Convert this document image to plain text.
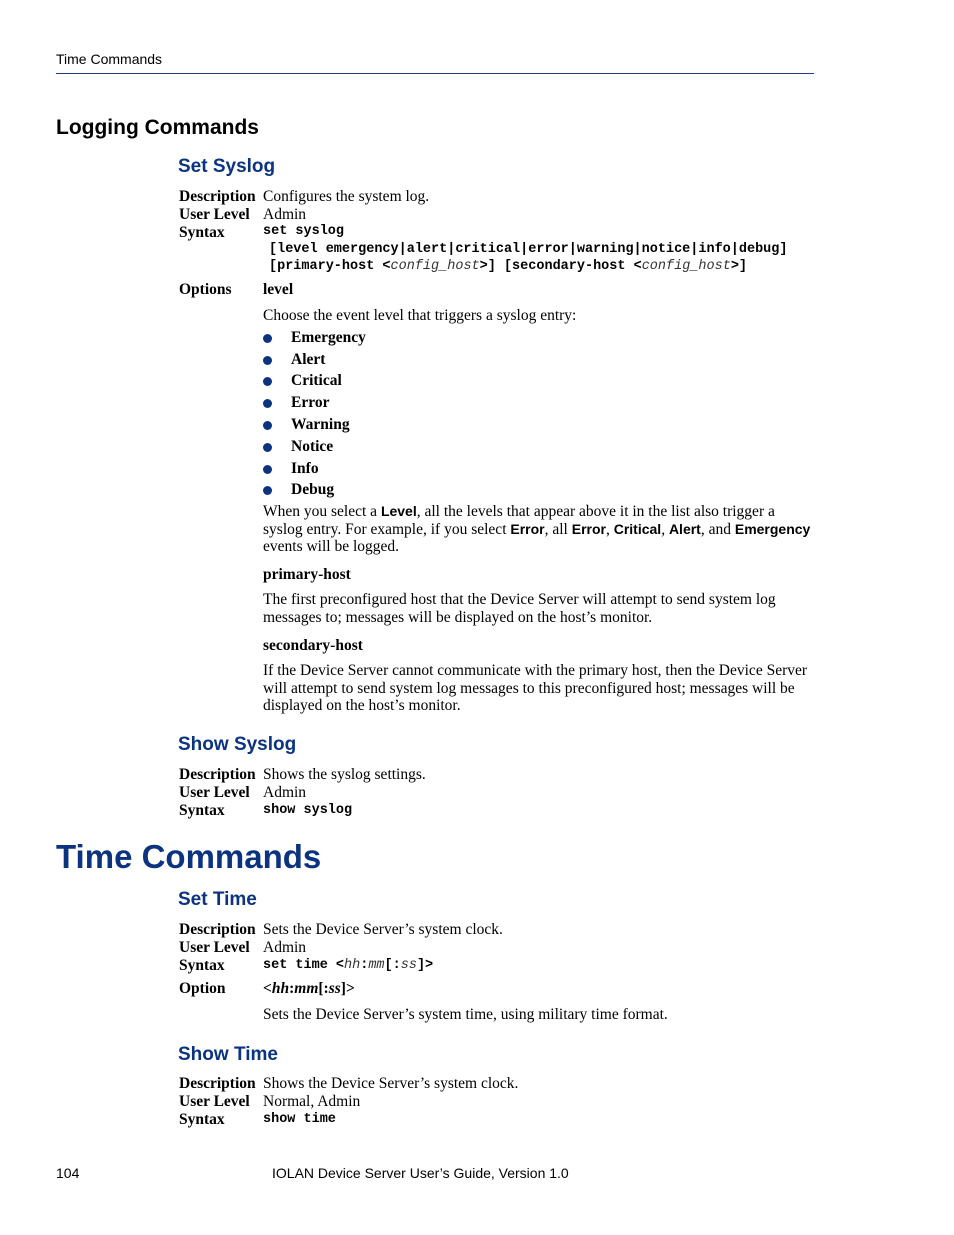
Time Commands
Logging Commands
Set Syslog
Description Configures the system log.
User Level Admin
Syntax	set syslog
[level emergency|alert|critical|error|warning|notice|info|debug]
[primary-host <config_host>] [secondary-host <config_host>]
Options level
Choose the event level that triggers a syslog entry:
Emergency
Alert
Critical
Error
Warning
Notice
Info
Debug
When you select a Level, all the levels that appear above it in the list also trigger a syslog entry. For example, if you select Error, all Error, Critical, Alert, and Emergency events will be logged.
primary-host
The first preconfigured host that the Device Server will attempt to send system log messages to; messages will be displayed on the host’s monitor.
secondary-host
If the Device Server cannot communicate with the primary host, then the Device Server will attempt to send system log messages to this preconfigured host; messages will be displayed on the host’s monitor.
Show Syslog
Description Shows the syslog settings.
User Level Admin
Syntax	show syslog
Time Commands
Set Time
Description Sets the Device Server’s system clock.
User Level Admin
Syntax	set time <hh:mm[:ss]>
Option <hh:mm[:ss]>
Sets the Device Server’s system time, using military time format.
Show Time
Description Shows the Device Server’s system clock.
User Level Normal, Admin
Syntax	show time
104	IOLAN Device Server User’s Guide, Version 1.0
